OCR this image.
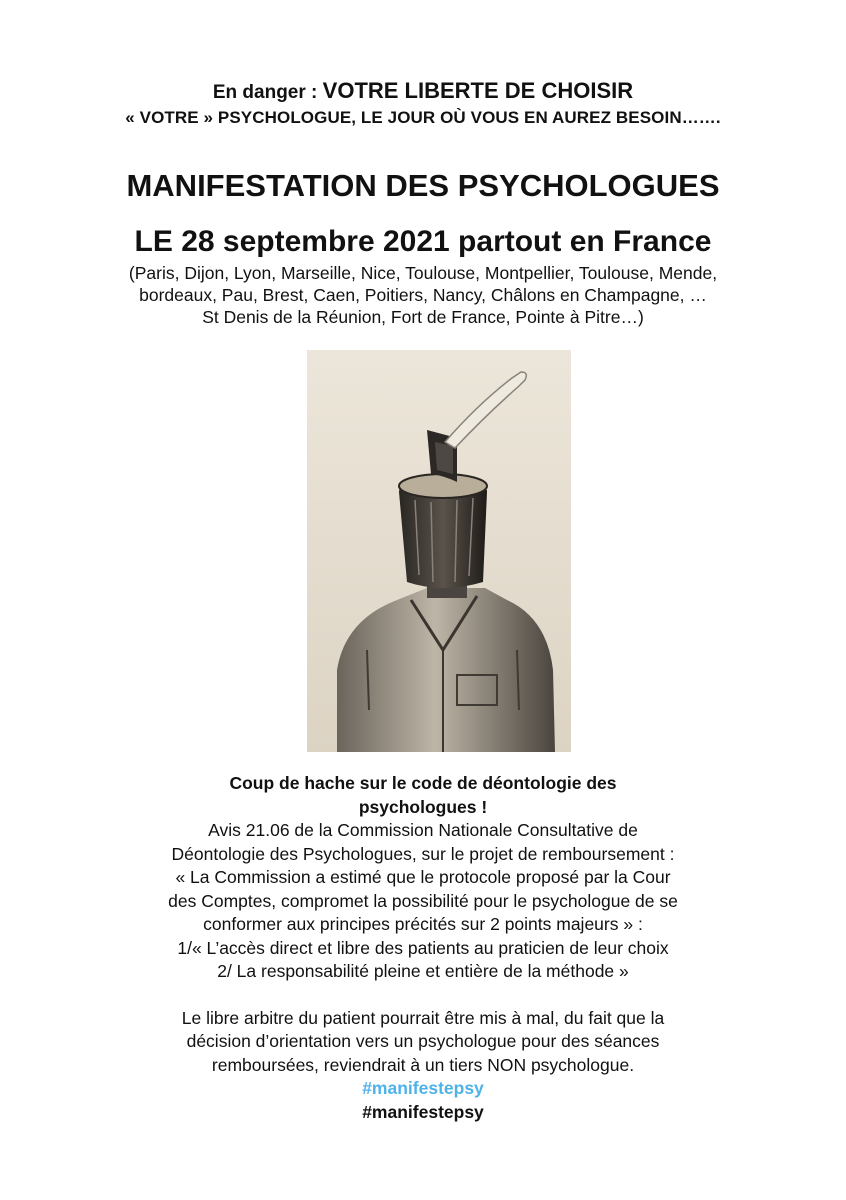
En danger : VOTRE LIBERTE DE CHOISIR
« VOTRE » PSYCHOLOGUE, LE JOUR OÙ VOUS EN AUREZ BESOIN…….
MANIFESTATION DES PSYCHOLOGUES
LE 28 septembre 2021 partout en France
(Paris, Dijon, Lyon, Marseille, Nice, Toulouse, Montpellier, Toulouse, Mende,
bordeaux, Pau, Brest, Caen, Poitiers, Nancy, Châlons en Champagne, …
St Denis de la Réunion, Fort de France, Pointe à Pitre…)
Coup de hache sur le code de déontologie des
psychologues !
Avis 21.06 de la Commission Nationale Consultative de
Déontologie des Psychologues, sur le projet de remboursement :
« La Commission a estimé que le protocole proposé par la Cour
des Comptes, compromet la possibilité pour le psychologue de se
conformer aux principes précités sur 2 points majeurs » :
1/« L’accès direct et libre des patients au praticien de leur choix
2/ La responsabilité pleine et entière de la méthode »
Le libre arbitre du patient pourrait être mis à mal, du fait que la
décision d’orientation vers un psychologue pour des séances
remboursées, reviendrait à un tiers NON psychologue.
#manifestepsy
#manifestepsy
